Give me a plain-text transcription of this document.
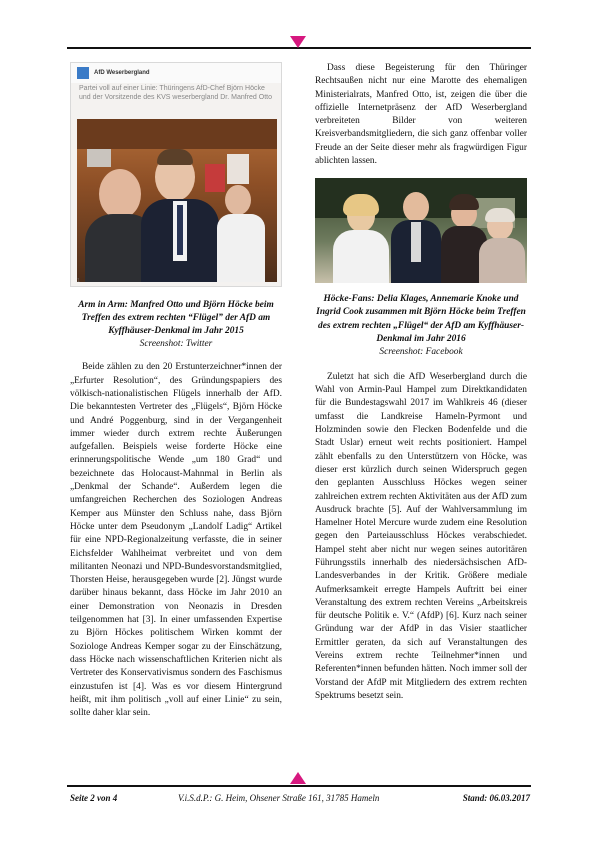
AfD Weserbergland
Partei voll auf einer Linie: Thüringens AfD-Chef Björn Höcke und der Vorsitzende des KVS weserbergland Dr. Manfred Otto
1
Arm in Arm: Manfred Otto und Björn Höcke beim Treffen des extrem rechten “Flügel” der AfD am Kyffhäuser-Denkmal im Jahr 2015
Screenshot: Twitter

Beide zählen zu den 20 Erstunterzeichner*innen der „Erfurter Resolution“, des Gründungspapiers des völkisch-nationalistischen Flügels innerhalb der AfD. Die bekanntesten Vertreter des „Flügels“, Björn Höcke und André Poggenburg, sind in der Vergangenheit immer wieder durch extrem rechte Äußerungen aufgefallen. Beispiels weise forderte Höcke eine erinnerungspolitische Wende „um 180 Grad“ und bezeichnete das Holocaust-Mahnmal in Berlin als „Denkmal der Schande“. Außerdem legen die umfangreichen Recherchen des Soziologen Andreas Kemper aus Münster den Schluss nahe, dass Björn Höcke unter dem Pseudonym „Landolf Ladig“ Artikel für eine NPD-Regionalzeitung verfasste, die in seiner Eichsfelder Wahlheimat verbreitet und von dem militanten Neonazi und NPD-Bundesvorstandsmitglied, Thorsten Heise, herausgegeben wurde [2]. Jüngst wurde darüber hinaus bekannt, dass Höcke im Jahr 2010 an einer Demonstration von Neonazis in Dresden teilgenommen hat [3]. In einer umfassenden Expertise zu Björn Höckes politischem Wirken kommt der Soziologe Andreas Kemper sogar zu der Einschätzung, dass Höcke nach wissenschaftlichen Kriterien nicht als Vertreter des Konservativismus sondern des Faschismus einzustufen ist [4]. Was es vor diesem Hintergrund heißt, mit ihm politisch „voll auf einer Linie“ zu sein, sollte daher klar sein.

Dass diese Begeisterung für den Thüringer Rechtsaußen nicht nur eine Marotte des ehemaligen Ministerialrats, Manfred Otto, ist, zeigen die über die offizielle Internetpräsenz der AfD Weserbergland verbreiteten Bilder von weiteren Kreisverbandsmitgliedern, die sich ganz offenbar voller Freude an der Seite dieser mehr als fragwürdigen Figur ablichten lassen.

Höcke-Fans: Delia Klages, Annemarie Knoke und Ingrid Cook zusammen mit Björn Höcke beim Treffen des extrem rechten „Flügel“ der AfD am Kyffhäuser-Denkmal im Jahr 2016
Screenshot: Facebook

Zuletzt hat sich die AfD Weserbergland durch die Wahl von Armin-Paul Hampel zum Direktkandidaten für die Bundestagswahl 2017 im Wahlkreis 46 (dieser umfasst die Landkreise Hameln-Pyrmont und Holzminden sowie den Flecken Bodenfelde und die Stadt Uslar) erneut weit rechts positioniert. Hampel zählt ebenfalls zu den Unterstützern von Höcke, was dieser erst kürzlich durch seinen Widerspruch gegen den geplanten Ausschluss Höckes wegen seiner zahlreichen extrem rechten Aktivitäten aus der AfD zum Ausdruck brachte [5]. Auf der Wahlversammlung im Hamelner Hotel Mercure wurde zudem eine Resolution gegen den Parteiausschluss Höckes verabschiedet. Hampel steht aber nicht nur wegen seines autoritären Führungsstils innerhalb des niedersächsischen AfD-Landesverbandes in der Kritik. Größere mediale Aufmerksamkeit erregte Hampels Auftritt bei einer Veranstaltung des extrem rechten Vereins „Arbeitskreis für deutsche Politik e. V.“ (AfdP) [6]. Kurz nach seiner Gründung war der AfdP in das Visier staatlicher Ermittler geraten, da sich auf Veranstaltungen des Vereins extrem rechte Teilnehmer*innen und Referenten*innen befunden hätten. Noch immer soll der Vorstand der AfdP mit Mitgliedern des extrem rechten Spektrums besetzt sein.

Seite 2 von 4	V.i.S.d.P.: G. Heim, Ohsener Straße 161, 31785 Hameln	Stand: 06.03.2017
